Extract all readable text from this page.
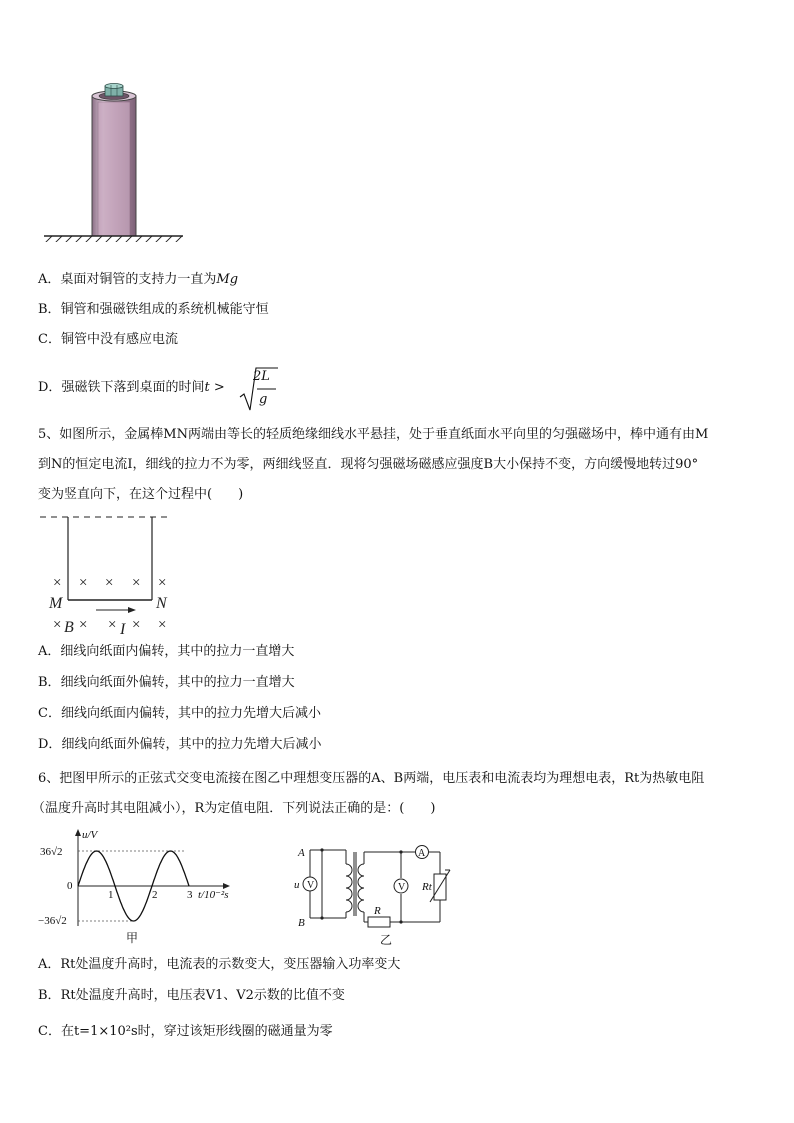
A．桌面对铜管的支持力一直为Mg
B．铜管和强磁铁组成的系统机械能守恒
C．铜管中没有感应电流
D．强磁铁下落到桌面的时间t >
2L
g
5、如图所示，金属棒MN两端由等长的轻质绝缘细线水平悬挂，处于垂直纸面水平向里的匀强磁场中，棒中通有由M
到N的恒定电流I，细线的拉力不为零，两细线竖直．现将匀强磁场磁感应强度B大小保持不变，方向缓慢地转过90°
变为竖直向下，在这个过程中(　　)
× × × × ×
× × × × ×
M	N
B	I
A．细线向纸面内偏转，其中的拉力一直增大
B．细线向纸面外偏转，其中的拉力一直增大
C．细线向纸面内偏转，其中的拉力先增大后减小
D．细线向纸面外偏转，其中的拉力先增大后减小
6、把图甲所示的正弦式交变电流接在图乙中理想变压器的A、B两端，电压表和电流表均为理想电表，Rt为热敏电阻
（温度升高时其电阻减小），R为定值电阻．下列说法正确的是：(　　)
u/V
36√2
0
−36√2
1	2	3 t/10⁻²s
甲
A
V	V
A
B
u
R
Rt
乙
A．Rt处温度升高时，电流表的示数变大，变压器输入功率变大
B．Rt处温度升高时，电压表V1、V2示数的比值不变
C．在t=1×10²s时，穿过该矩形线圈的磁通量为零
